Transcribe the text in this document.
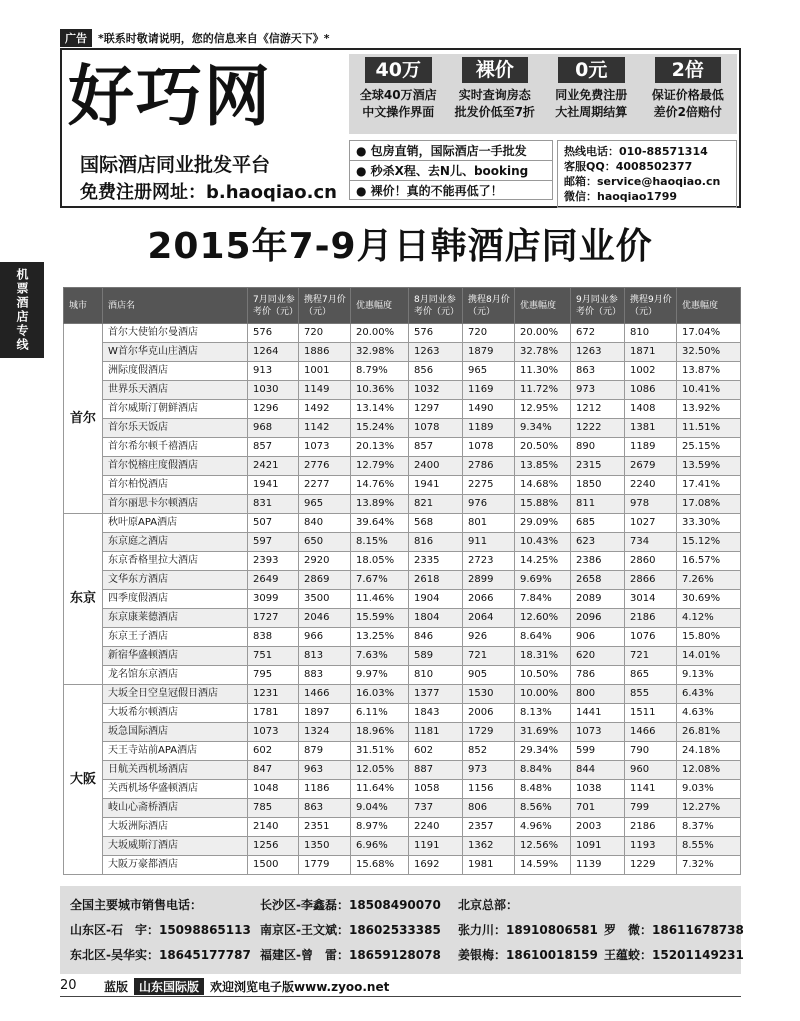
广告	*联系时敬请说明，您的信息来自《信游天下》*
好巧网
国际酒店同业批发平台
免费注册网址：b.haoqiao.cn
40万
全球40万酒店
中文操作界面
裸价
实时查询房态
批发价低至7折
0元
同业免费注册
大社周期结算
2倍
保证价格最低
差价2倍赔付
● 包房直销，国际酒店一手批发
● 秒杀X程、去N儿、booking
● 裸价！真的不能再低了！
热线电话：010-88571314
客服QQ：4008502377
邮箱：service@haoqiao.cn
微信：haoqiao1799
2015年7-9月日韩酒店同业价
机票酒店专线	城市	酒店名	7月同业参考价（元）	携程7月价（元）	优惠幅度	8月同业参考价（元）	携程8月价（元）	优惠幅度	9月同业参考价（元）	携程9月价（元）	优惠幅度
首尔	首尔大使铂尔曼酒店	576	720	20.00%	576	720	20.00%	672	810	17.04%
	W首尔华克山庄酒店	1264	1886	32.98%	1263	1879	32.78%	1263	1871	32.50%
	洲际度假酒店	913	1001	8.79%	856	965	11.30%	863	1002	13.87%
	世界乐天酒店	1030	1149	10.36%	1032	1169	11.72%	973	1086	10.41%
	首尔威斯汀朝鲜酒店	1296	1492	13.14%	1297	1490	12.95%	1212	1408	13.92%
	首尔乐天饭店	968	1142	15.24%	1078	1189	9.34%	1222	1381	11.51%
	首尔希尔顿千禧酒店	857	1073	20.13%	857	1078	20.50%	890	1189	25.15%
	首尔悦榕庄度假酒店	2421	2776	12.79%	2400	2786	13.85%	2315	2679	13.59%
	首尔柏悦酒店	1941	2277	14.76%	1941	2275	14.68%	1850	2240	17.41%
	首尔丽思卡尔顿酒店	831	965	13.89%	821	976	15.88%	811	978	17.08%
东京	秋叶原APA酒店	507	840	39.64%	568	801	29.09%	685	1027	33.30%
	东京庭之酒店	597	650	8.15%	816	911	10.43%	623	734	15.12%
	东京香格里拉大酒店	2393	2920	18.05%	2335	2723	14.25%	2386	2860	16.57%
	文华东方酒店	2649	2869	7.67%	2618	2899	9.69%	2658	2866	7.26%
	四季度假酒店	3099	3500	11.46%	1904	2066	7.84%	2089	3014	30.69%
	东京康莱德酒店	1727	2046	15.59%	1804	2064	12.60%	2096	2186	4.12%
	东京王子酒店	838	966	13.25%	846	926	8.64%	906	1076	15.80%
	新宿华盛顿酒店	751	813	7.63%	589	721	18.31%	620	721	14.01%
	龙名馆东京酒店	795	883	9.97%	810	905	10.50%	786	865	9.13%
大阪	大坂全日空皇冠假日酒店	1231	1466	16.03%	1377	1530	10.00%	800	855	6.43%
	大坂希尔顿酒店	1781	1897	6.11%	1843	2006	8.13%	1441	1511	4.63%
	坂急国际酒店	1073	1324	18.96%	1181	1729	31.69%	1073	1466	26.81%
	天王寺站前APA酒店	602	879	31.51%	602	852	29.34%	599	790	24.18%
	日航关西机场酒店	847	963	12.05%	887	973	8.84%	844	960	12.08%
	关西机场华盛顿酒店	1048	1186	11.64%	1058	1156	8.48%	1038	1141	9.03%
	岐山心斋桥酒店	785	863	9.04%	737	806	8.56%	701	799	12.27%
	大坂洲际酒店	2140	2351	8.97%	2240	2357	4.96%	2003	2186	8.37%
	大坂威斯汀酒店	1256	1350	6.96%	1191	1362	12.56%	1091	1193	8.55%
	大阪万豪都酒店	1500	1779	15.68%	1692	1981	14.59%	1139	1229	7.32%
全国主要城市销售电话：	长沙区-李鑫磊：18508490070 北京总部：
山东区-石　宇：15098865113 南京区-王文斌：18602533385 张力川：18910806581 罗　微：18611678738
东北区-吴华实：18645177787 福建区-曾　雷：18659128078 姜银梅：18610018159 王蕴蛟：15201149231
20 蓝版 山东国际版 欢迎浏览电子版www.zyoo.net
